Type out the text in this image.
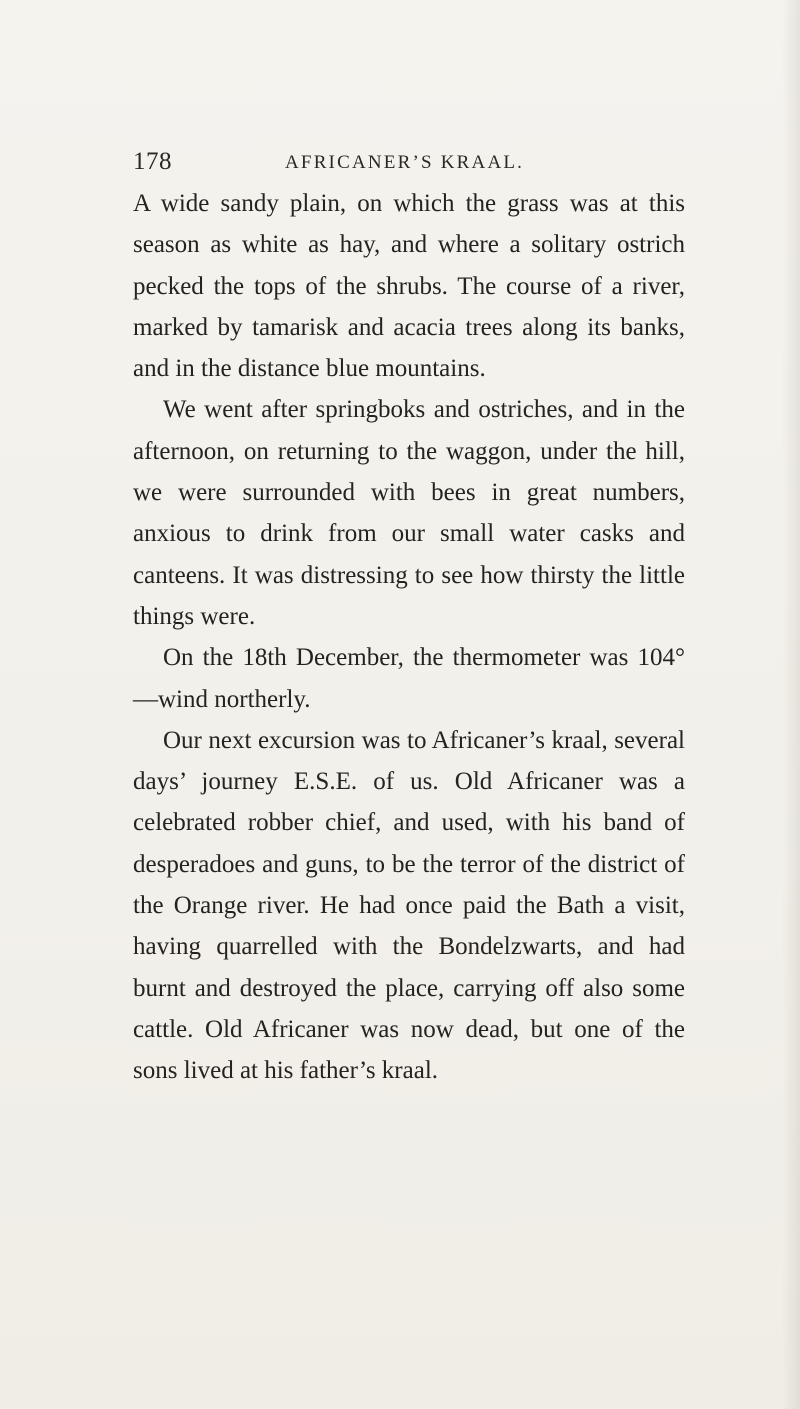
178	AFRICANER’S KRAAL.

A wide sandy plain, on which the grass was at this season as white as hay, and where a solitary ostrich pecked the tops of the shrubs. The course of a river, marked by tamarisk and acacia trees along its banks, and in the distance blue mountains.

We went after springboks and ostriches, and in the afternoon, on returning to the waggon, under the hill, we were surrounded with bees in great numbers, anxious to drink from our small water casks and canteens. It was distressing to see how thirsty the little things were.

On the 18th December, the thermometer was 104°—wind northerly.

Our next excursion was to Africaner’s kraal, several days’ journey E.S.E. of us. Old Africaner was a celebrated robber chief, and used, with his band of desperadoes and guns, to be the terror of the district of the Orange river. He had once paid the Bath a visit, having quarrelled with the Bondelzwarts, and had burnt and destroyed the place, carrying off also some cattle. Old Africaner was now dead, but one of the sons lived at his father’s kraal.
